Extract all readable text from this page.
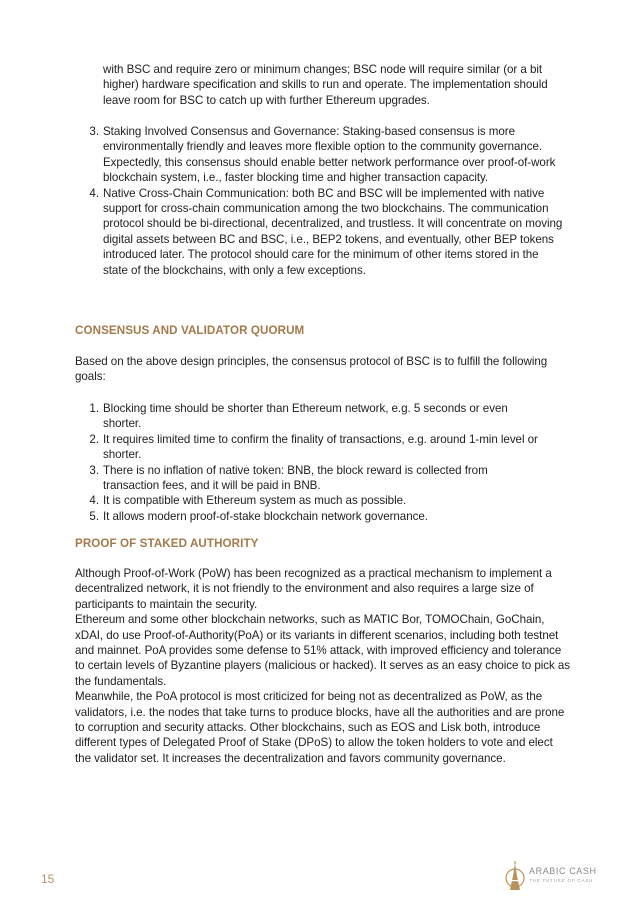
with BSC and require zero or minimum changes; BSC node will require similar (or a bit higher) hardware specification and skills to run and operate. The implementation should leave room for BSC to catch up with further Ethereum upgrades.
3. Staking Involved Consensus and Governance: Staking-based consensus is more environmentally friendly and leaves more flexible option to the community governance. Expectedly, this consensus should enable better network performance over proof-of-work blockchain system, i.e., faster blocking time and higher transaction capacity.
4. Native Cross-Chain Communication: both BC and BSC will be implemented with native support for cross-chain communication among the two blockchains. The communication protocol should be bi-directional, decentralized, and trustless. It will concentrate on moving digital assets between BC and BSC, i.e., BEP2 tokens, and eventually, other BEP tokens introduced later. The protocol should care for the minimum of other items stored in the state of the blockchains, with only a few exceptions.
CONSENSUS AND VALIDATOR QUORUM

Based on the above design principles, the consensus protocol of BSC is to fulfill the following goals:

1. Blocking time should be shorter than Ethereum network, e.g. 5 seconds or even shorter.
2. It requires limited time to confirm the finality of transactions, e.g. around 1-min level or shorter.
3. There is no inflation of native token: BNB, the block reward is collected from transaction fees, and it will be paid in BNB.
4. It is compatible with Ethereum system as much as possible.
5. It allows modern proof-of-stake blockchain network governance.
PROOF OF STAKED AUTHORITY
Although Proof-of-Work (PoW) has been recognized as a practical mechanism to implement a decentralized network, it is not friendly to the environment and also requires a large size of participants to maintain the security.
Ethereum and some other blockchain networks, such as MATIC Bor, TOMOChain, GoChain, xDAI, do use Proof-of-Authority(PoA) or its variants in different scenarios, including both testnet and mainnet. PoA provides some defense to 51% attack, with improved efficiency and tolerance to certain levels of Byzantine players (malicious or hacked). It serves as an easy choice to pick as the fundamentals.
Meanwhile, the PoA protocol is most criticized for being not as decentralized as PoW, as the validators, i.e. the nodes that take turns to produce blocks, have all the authorities and are prone to corruption and security attacks. Other blockchains, such as EOS and Lisk both, introduce different types of Delegated Proof of Stake (DPoS) to allow the token holders to vote and elect the validator set. It increases the decentralization and favors community governance.
15
ARABIC CASH
THE FUTURE OF CASH
